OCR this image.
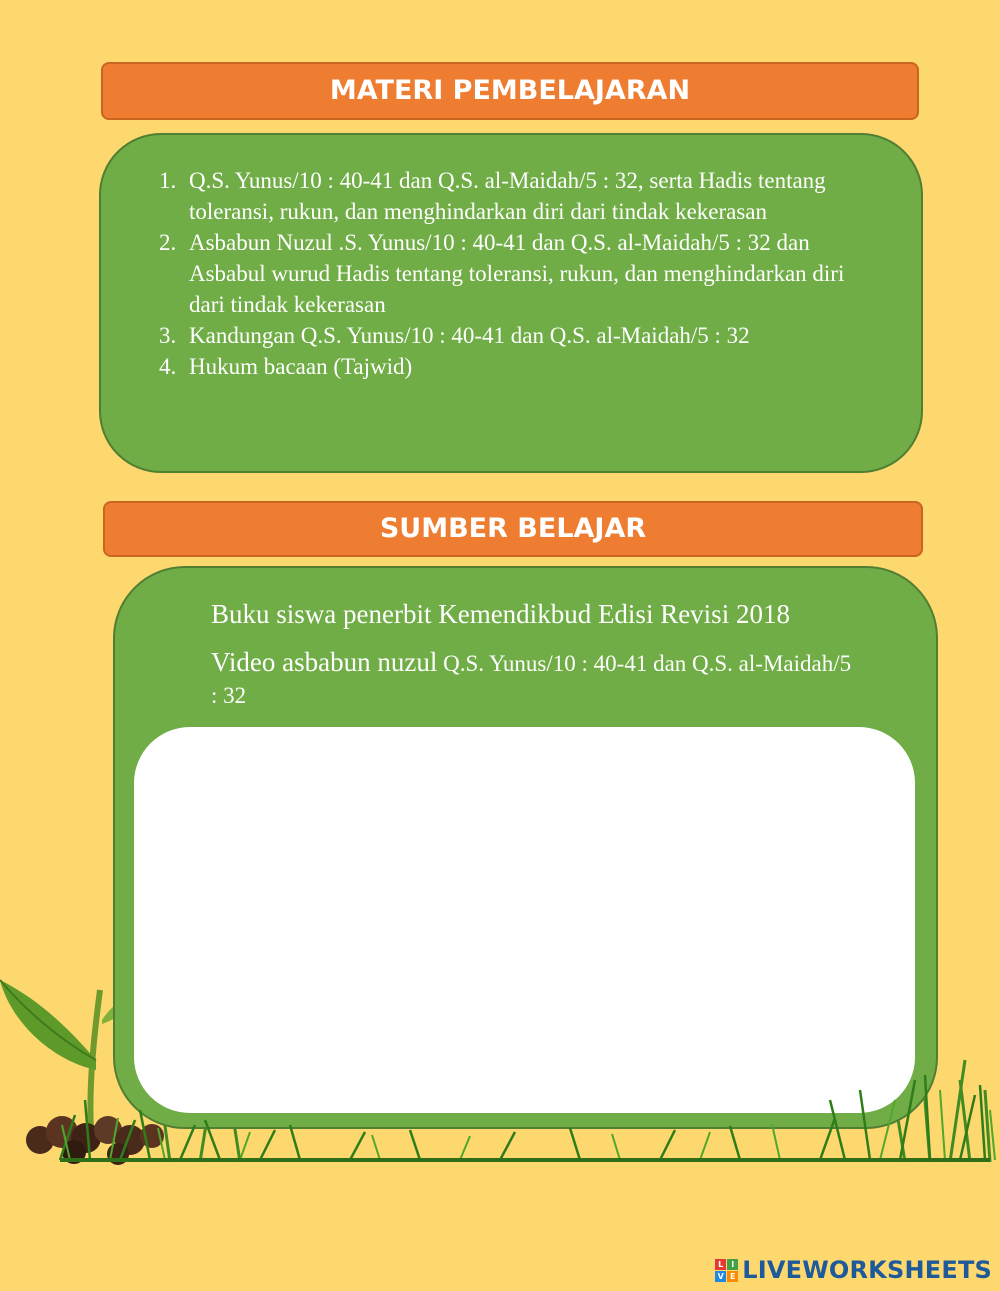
MATERI PEMBELAJARAN
1. Q.S. Yunus/10 : 40-41 dan Q.S. al-Maidah/5 : 32, serta Hadis tentang toleransi, rukun, dan menghindarkan diri dari tindak kekerasan
2. Asbabun Nuzul .S. Yunus/10 : 40-41 dan Q.S. al-Maidah/5 : 32 dan Asbabul wurud Hadis tentang toleransi, rukun, dan menghindarkan diri dari tindak kekerasan
3. Kandungan Q.S. Yunus/10 : 40-41 dan Q.S. al-Maidah/5 : 32
4. Hukum bacaan (Tajwid)
SUMBER BELAJAR
Buku siswa penerbit Kemendikbud Edisi Revisi 2018
Video asbabun nuzul Q.S. Yunus/10 : 40-41 dan Q.S. al-Maidah/5 : 32
L I
V E LIVEWORKSHEETS
